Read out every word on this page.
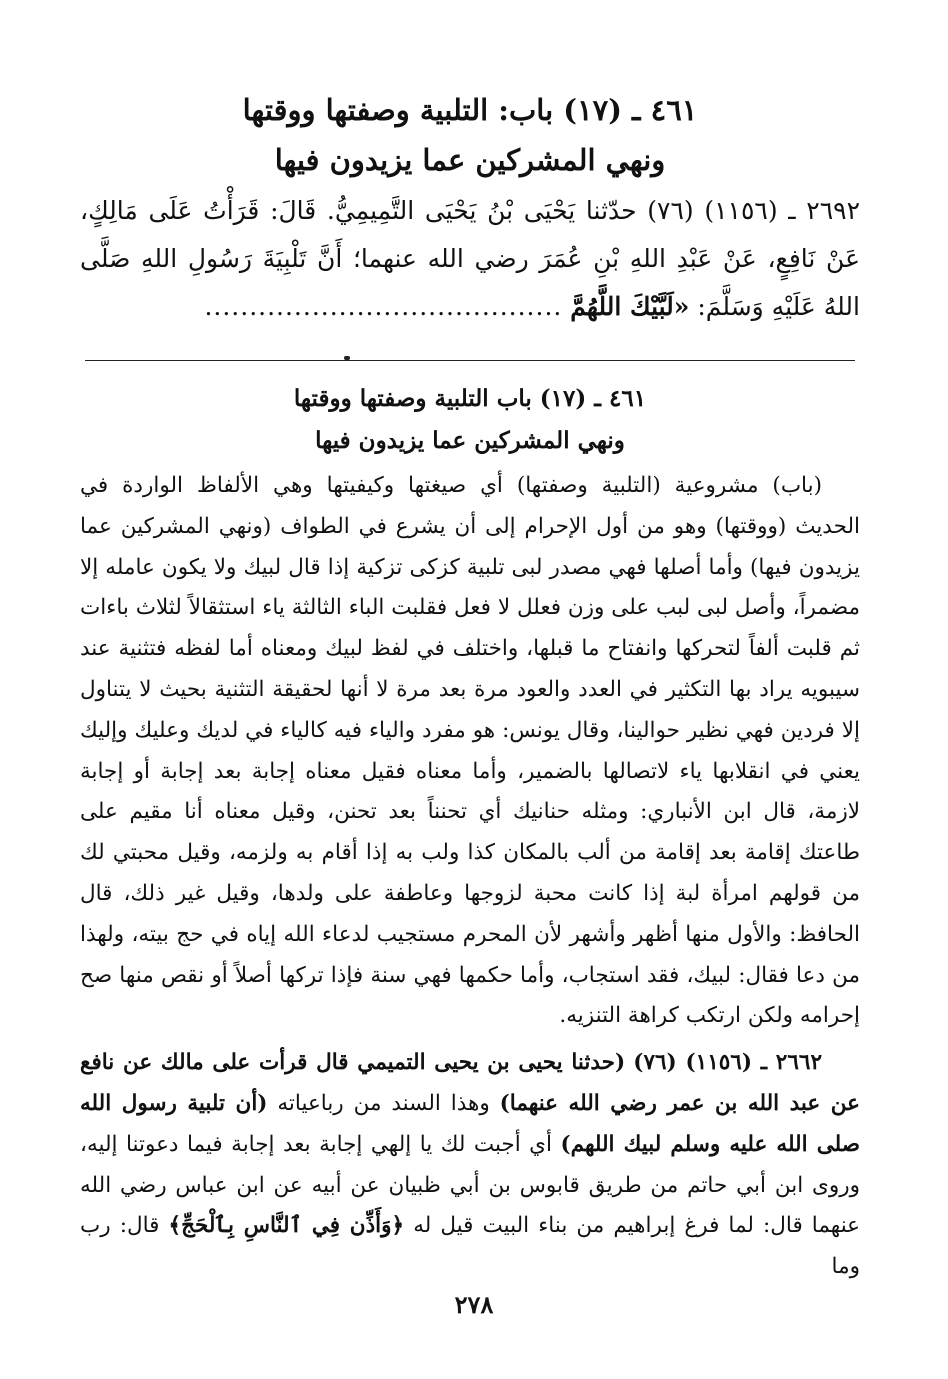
٤٦١ ـ (١٧) باب: التلبية وصفتها ووقتها

ونهي المشركين عما يزيدون فيها

٢٦٩٢ ـ (١١٥٦) (٧٦) حدّثنا يَحْيَى بْنُ يَحْيَى التَّمِيمِيُّ. قَالَ: قَرَأْتُ عَلَى مَالِكٍ، عَنْ نَافِعٍ، عَنْ عَبْدِ اللهِ بْنِ عُمَرَ رضي الله عنهما؛ أَنَّ تَلْبِيَةَ رَسُولِ اللهِ صَلَّى اللهُ عَلَيْهِ وَسَلَّمَ: «لَبَّيْكَ اللَّهُمَّ ........................................

٤٦١ ـ (١٧) باب التلبية وصفتها ووقتها

ونهي المشركين عما يزيدون فيها

(باب) مشروعية (التلبية وصفتها) أي صيغتها وكيفيتها وهي الألفاظ الواردة في الحديث (ووقتها) وهو من أول الإحرام إلى أن يشرع في الطواف (ونهي المشركين عما يزيدون فيها) وأما أصلها فهي مصدر لبى تلبية كزكى تزكية إذا قال لبيك ولا يكون عامله إلا مضمراً، وأصل لبى لبب على وزن فعلل لا فعل فقلبت الباء الثالثة ياء استثقالاً لثلاث باءات ثم قلبت ألفاً لتحركها وانفتاح ما قبلها، واختلف في لفظ لبيك ومعناه أما لفظه فتثنية عند سيبويه يراد بها التكثير في العدد والعود مرة بعد مرة لا أنها لحقيقة التثنية بحيث لا يتناول إلا فردين فهي نظير حوالينا، وقال يونس: هو مفرد والياء فيه كالياء في لديك وعليك وإليك يعني في انقلابها ياء لاتصالها بالضمير، وأما معناه فقيل معناه إجابة بعد إجابة أو إجابة لازمة، قال ابن الأنباري: ومثله حنانيك أي تحنناً بعد تحنن، وقيل معناه أنا مقيم على طاعتك إقامة بعد إقامة من ألب بالمكان كذا ولب به إذا أقام به ولزمه، وقيل محبتي لك من قولهم امرأة لبة إذا كانت محبة لزوجها وعاطفة على ولدها، وقيل غير ذلك، قال الحافظ: والأول منها أظهر وأشهر لأن المحرم مستجيب لدعاء الله إياه في حج بيته، ولهذا من دعا فقال: لبيك، فقد استجاب، وأما حكمها فهي سنة فإذا تركها أصلاً أو نقص منها صح إحرامه ولكن ارتكب كراهة التنزيه.

٢٦٦٢ ـ (١١٥٦) (٧٦) (حدثنا يحيى بن يحيى التميمي قال قرأت على مالك عن نافع عن عبد الله بن عمر رضي الله عنهما) وهذا السند من رباعياته (أن تلبية رسول الله صلى الله عليه وسلم لبيك اللهم) أي أجبت لك يا إلهي إجابة بعد إجابة فيما دعوتنا إليه، وروى ابن أبي حاتم من طريق قابوس بن أبي ظبيان عن أبيه عن ابن عباس رضي الله عنهما قال: لما فرغ إبراهيم من بناء البيت قيل له ﴿وَأَذِّن فِي ٱلنَّاسِ بِٱلْحَجِّ﴾ قال: رب وما

٢٧٨
